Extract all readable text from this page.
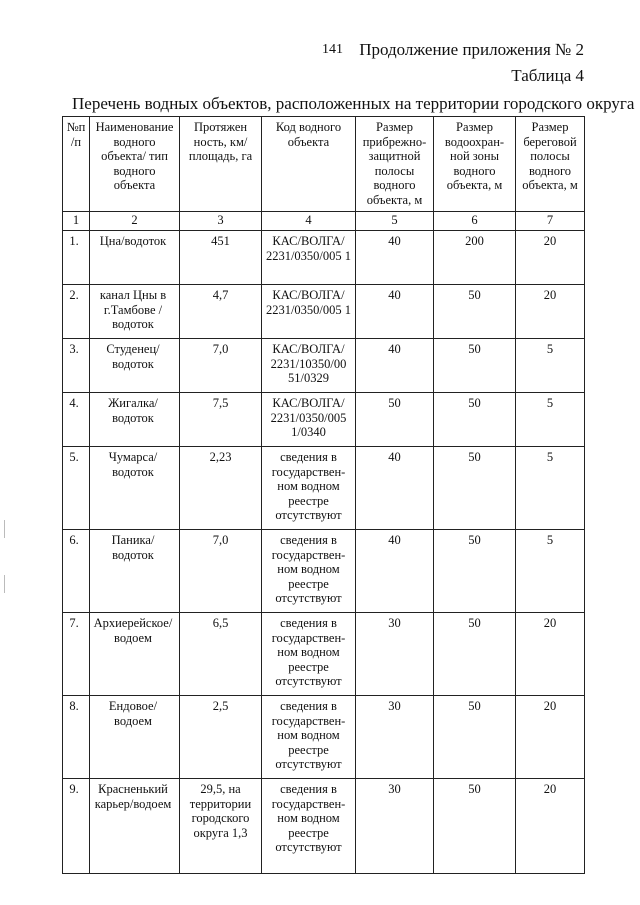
141 Продолжение приложения № 2
Таблица 4
Перечень водных объектов, расположенных на территории городского округа
№п /п	Наименование водного объекта/ тип водного объекта	Протяжен ность, км/ площадь, га	Код водного объекта	Размер прибрежно-защитной полосы водного объекта, м	Размер водоохран-ной зоны водного объекта, м	Размер береговой полосы водного объекта, м
1	2	3	4	5	6	7
1.	Цна/водоток	451	КАС/ВОЛГА/ 2231/0350/005 1	40	200	20
2.	канал Цны в г.Тамбове /водоток	4,7	КАС/ВОЛГА/ 2231/0350/005 1	40	50	20
3.	Студенец/ водоток	7,0	КАС/ВОЛГА/ 2231/10350/00 51/0329	40	50	5
4.	Жигалка/ водоток	7,5	КАС/ВОЛГА/ 2231/0350/005 1/0340	50	50	5
5.	Чумарса/ водоток	2,23	сведения в государствен-ном водном реестре отсутствуют	40	50	5
6.	Паника/ водоток	7,0	сведения в государствен-ном водном реестре отсутствуют	40	50	5
7.	Архиерейское/ водоем	6,5	сведения в государствен-ном водном реестре отсутствуют	30	50	20
8.	Ендовое/ водоем	2,5	сведения в государствен-ном водном реестре отсутствуют	30	50	20
9.	Красненький карьер/водоем	29,5, на территории городского округа 1,3	сведения в государствен-ном водном реестре отсутствуют	30	50	20
